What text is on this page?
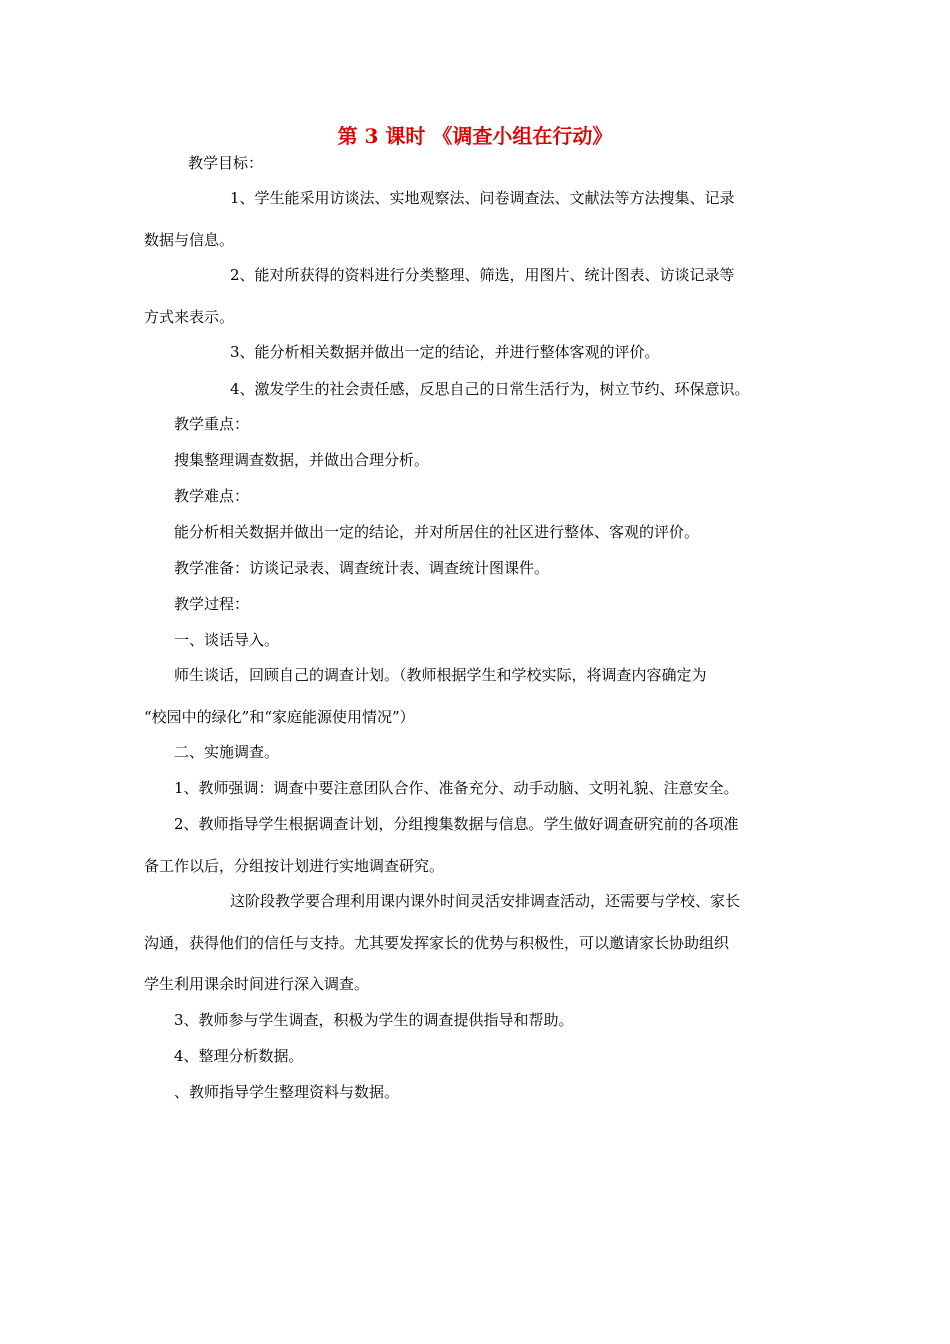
第 3 课时 《调查小组在行动》
教学目标：
1、学生能采用访谈法、实地观察法、问卷调查法、文献法等方法搜集、记录
数据与信息。
2、能对所获得的资料进行分类整理、筛选，用图片、统计图表、访谈记录等
方式来表示。
3、能分析相关数据并做出一定的结论，并进行整体客观的评价。
4、激发学生的社会责任感，反思自己的日常生活行为，树立节约、环保意识。
教学重点：
搜集整理调查数据，并做出合理分析。
教学难点：
能分析相关数据并做出一定的结论，并对所居住的社区进行整体、客观的评价。
教学准备：访谈记录表、调查统计表、调查统计图课件。
教学过程：
一、谈话导入。
师生谈话，回顾自己的调查计划。（教师根据学生和学校实际，将调查内容确定为
“校园中的绿化”和“家庭能源使用情况”）
二、实施调查。
1、教师强调：调查中要注意团队合作、准备充分、动手动脑、文明礼貌、注意安全。
2、教师指导学生根据调查计划，分组搜集数据与信息。学生做好调查研究前的各项准
备工作以后，分组按计划进行实地调查研究。
这阶段教学要合理利用课内课外时间灵活安排调查活动，还需要与学校、家长
沟通，获得他们的信任与支持。尤其要发挥家长的优势与积极性，可以邀请家长协助组织
学生利用课余时间进行深入调查。
3、教师参与学生调查，积极为学生的调查提供指导和帮助。
4、整理分析数据。
、教师指导学生整理资料与数据。
